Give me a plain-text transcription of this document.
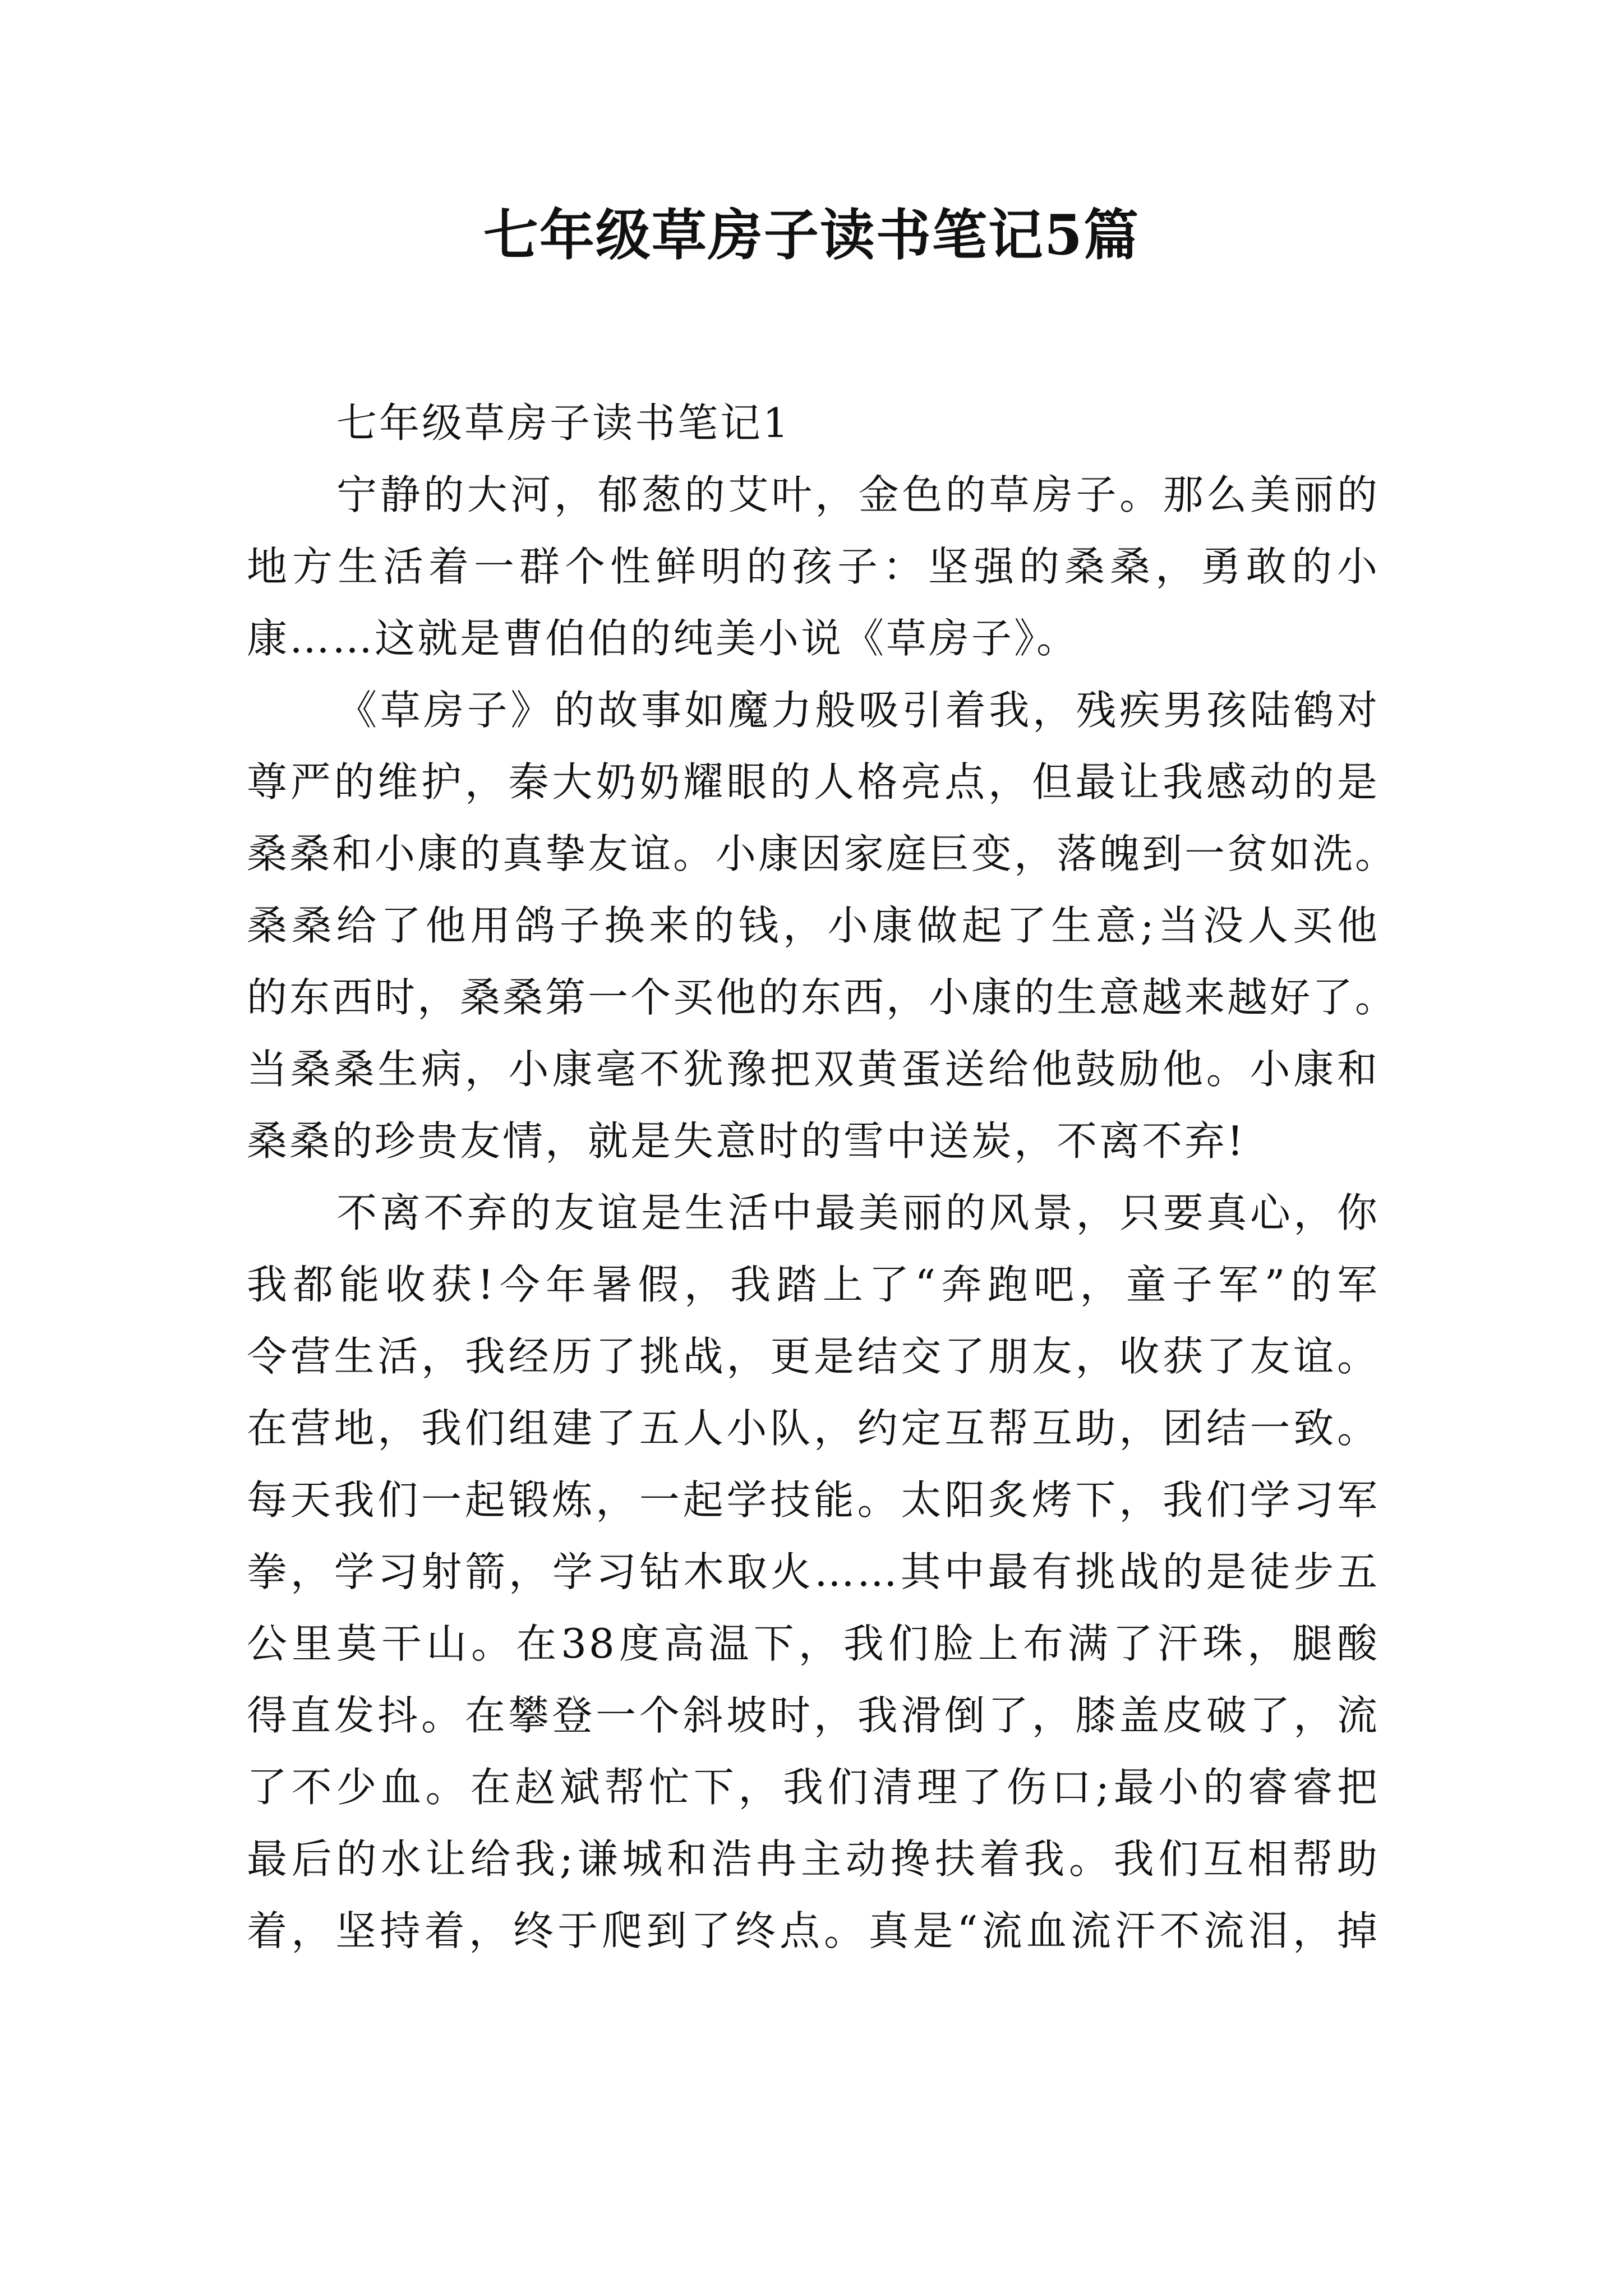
七年级草房子读书笔记5篇
七年级草房子读书笔记1
宁静的大河，郁葱的艾叶，金色的草房子。那么美丽的
地方生活着一群个性鲜明的孩子：坚强的桑桑，勇敢的小
康……这就是曹伯伯的纯美小说《草房子》。
《草房子》的故事如魔力般吸引着我，残疾男孩陆鹤对
尊严的维护，秦大奶奶耀眼的人格亮点，但最让我感动的是
桑桑和小康的真挚友谊。小康因家庭巨变，落魄到一贫如洗。
桑桑给了他用鸽子换来的钱，小康做起了生意;当没人买他
的东西时，桑桑第一个买他的东西，小康的生意越来越好了。
当桑桑生病，小康毫不犹豫把双黄蛋送给他鼓励他。小康和
桑桑的珍贵友情，就是失意时的雪中送炭，不离不弃!
不离不弃的友谊是生活中最美丽的风景，只要真心，你
我都能收获!今年暑假，我踏上了“奔跑吧，童子军”的军
令营生活，我经历了挑战，更是结交了朋友，收获了友谊。
在营地，我们组建了五人小队，约定互帮互助，团结一致。
每天我们一起锻炼，一起学技能。太阳炙烤下，我们学习军
拳，学习射箭，学习钻木取火……其中最有挑战的是徒步五
公里莫干山。在38度高温下，我们脸上布满了汗珠，腿酸
得直发抖。在攀登一个斜坡时，我滑倒了，膝盖皮破了，流
了不少血。在赵斌帮忙下，我们清理了伤口;最小的睿睿把
最后的水让给我;谦城和浩冉主动搀扶着我。我们互相帮助
着，坚持着，终于爬到了终点。真是“流血流汗不流泪，掉
